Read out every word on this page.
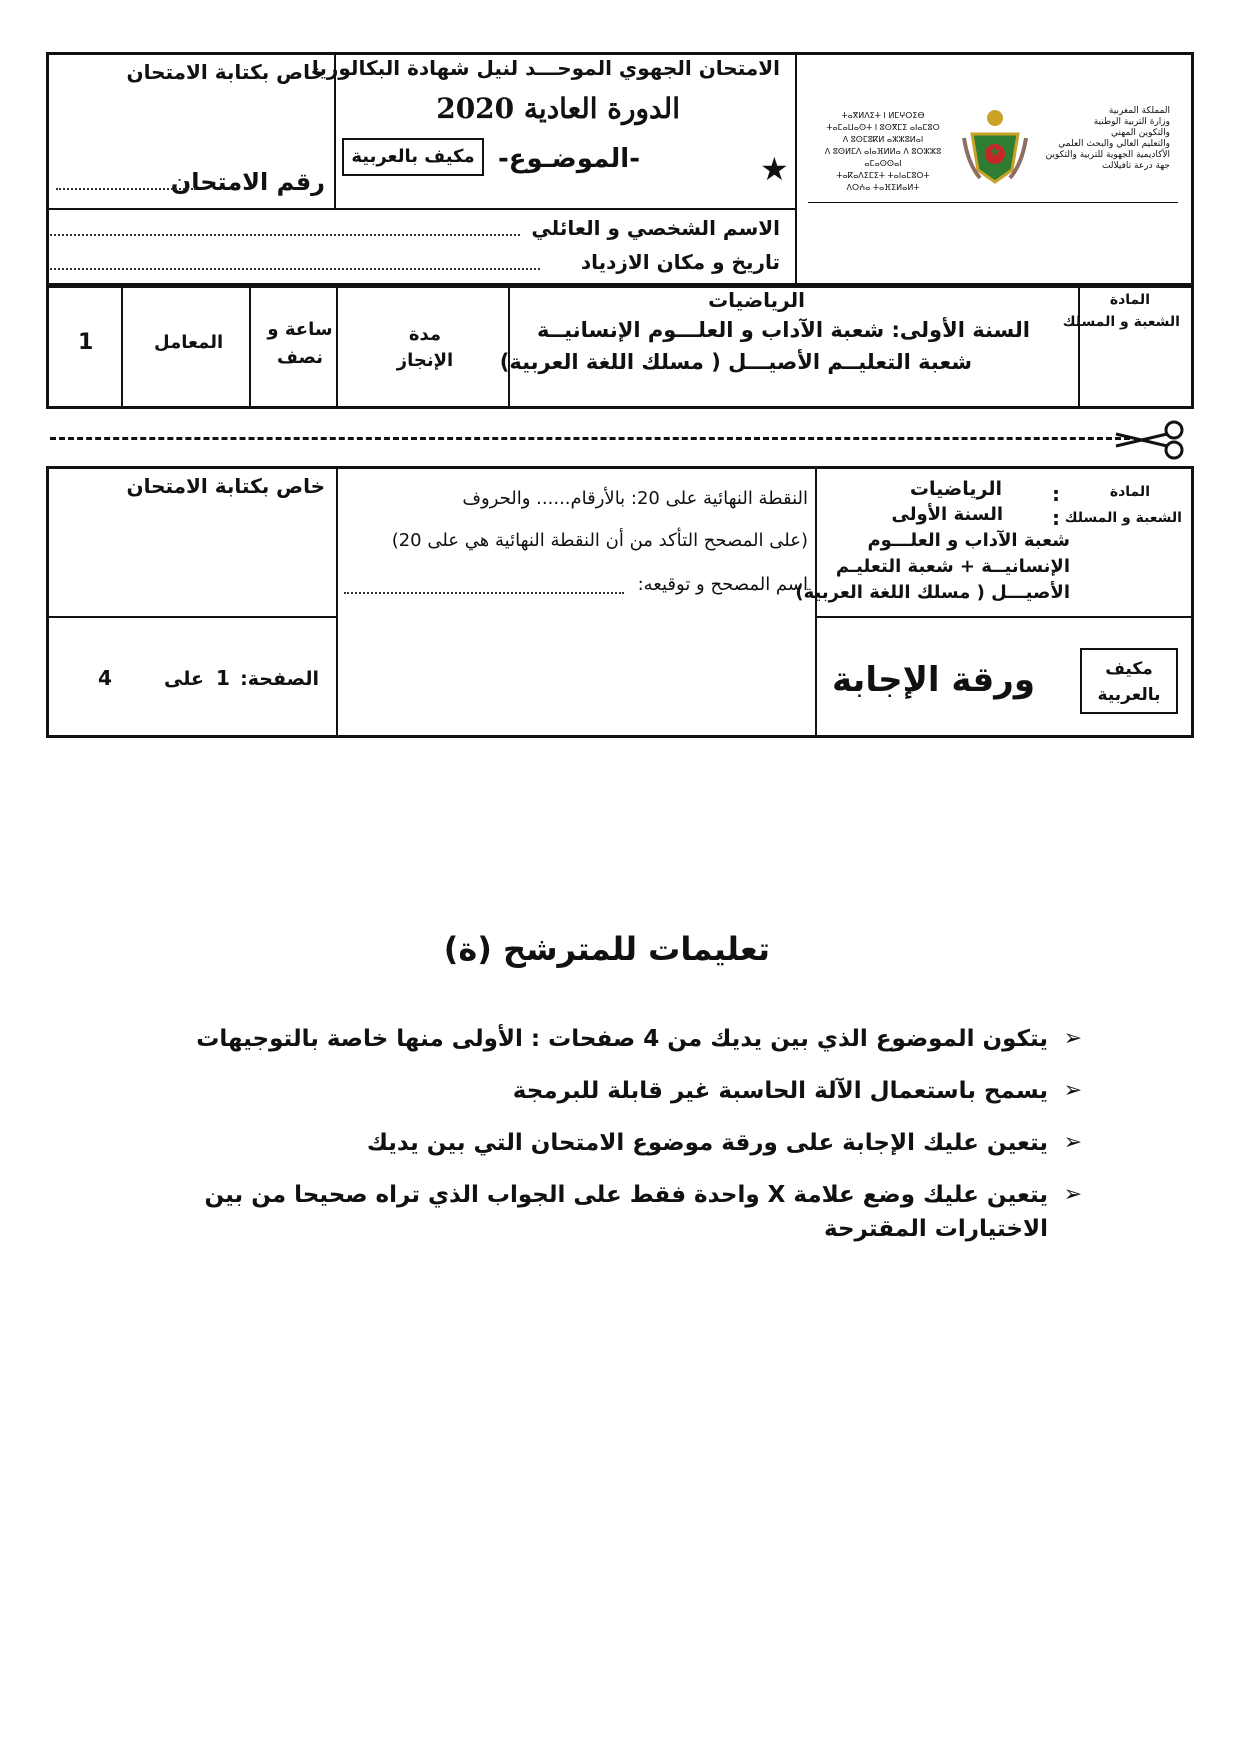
خاص بكتابة الامتحان
رقم الامتحان
الامتحان الجهوي الموحـــد لنيل شهادة البكالوريا
الدورة العادية 2020
-الموضـوع-
مكيف بالعربية	★
المملكة المغربية
وزارة التربية الوطنية
والتكوين المهني
والتعليم العالي والبحث العلمي
الأكاديمية الجهوية للتربية والتكوين
جهة درعة تافيلالت
ⵜⴰⴳⵍⴷⵉⵜ ⵏ ⵍⵎⵖⵔⵉⴱ
ⵜⴰⵎⴰⵡⴰⵙⵜ ⵏ ⵓⵙⴳⵎⵉ ⴰⵏⴰⵎⵓⵔ
ⴷ ⵓⵙⵎⵓⴽⵍ ⴰⵣⵣⵓⵍⴰⵏ
ⴷ ⵓⵙⵍⵎⴷ ⴰⵏⴰⴼⵍⵍⴰ ⴷ ⵓⵔⵣⵣⵓ ⴰⵎⴰⵙⵙⴰⵏ
ⵜⴰⴽⴰⴷⵉⵎⵉⵜ ⵜⴰⵏⴰⵎⵓⵔⵜ
ⴷⵔⵄⴰ ⵜⴰⴼⵉⵍⴰⵍⵜ
الاسم الشخصي و العائلي
تاريخ و مكان الازدياد
المادة
الشعبة و المسلك
الرياضيات
السنة الأولى: شعبة الآداب و العلـــوم الإنسانيــة
شعبة التعليــم الأصيـــل ( مسلك اللغة العربية)
مدة الإنجاز
ساعة و نصف
المعامل
1
المادة
الشعبة و المسلك
:
:
الرياضيات
السنة الأولى
شعبة الآداب و العلـــوم
الإنسانيــة + شعبة التعليـم
الأصيـــل ( مسلك اللغة العربية)
النقطة النهائية على 20: بالأرقام...... والحروف
(على المصحح التأكد من أن النقطة النهائية هي على 20)
اسم المصحح و توقيعه:
خاص بكتابة الامتحان
ورقة الإجابة	مكيف بالعربية
الصفحة:
1
على
4
تعليمات للمترشح (ة)
➢
يتكون الموضوع الذي بين يديك من 4 صفحات : الأولى منها خاصة بالتوجيهات
➢
يسمح باستعمال الآلة الحاسبة غير قابلة للبرمجة
➢
يتعين عليك الإجابة على ورقة موضوع الامتحان التي بين يديك
➢
يتعين عليك وضع علامة X واحدة فقط على الجواب الذي تراه صحيحا من بين الاختيارات المقترحة
